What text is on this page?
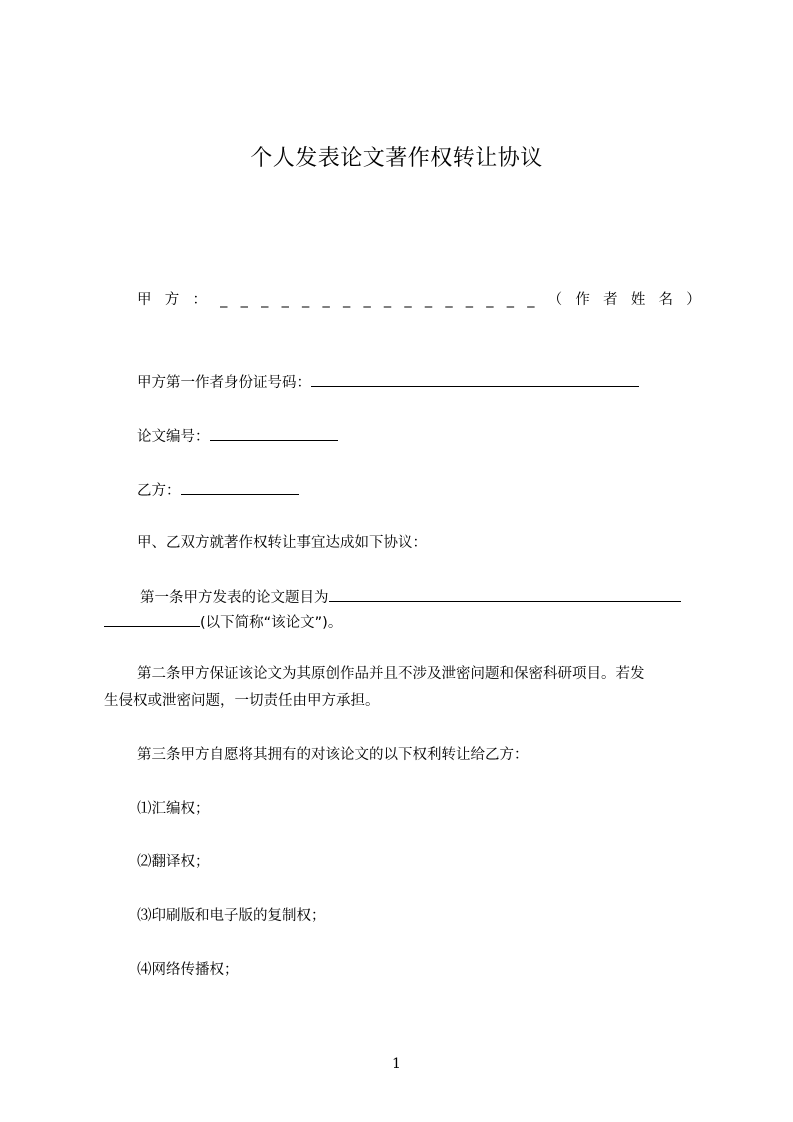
个人发表论文著作权转让协议
甲 方 ： _ _ _ _ _ _ _ _ _ _ _ _ _ _ _ _ （ 作 者 姓 名 ）
甲方第一作者身份证号码：
论文编号：
乙方：
甲、乙双方就著作权转让事宜达成如下协议：
第一条甲方发表的论文题目为
(以下简称“该论文”)。
第二条甲方保证该论文为其原创作品并且不涉及泄密问题和保密科研项目。若发
生侵权或泄密问题，一切责任由甲方承担。
第三条甲方自愿将其拥有的对该论文的以下权利转让给乙方：
⑴汇编权；
⑵翻译权；
⑶印刷版和电子版的复制权；
⑷网络传播权；
1
